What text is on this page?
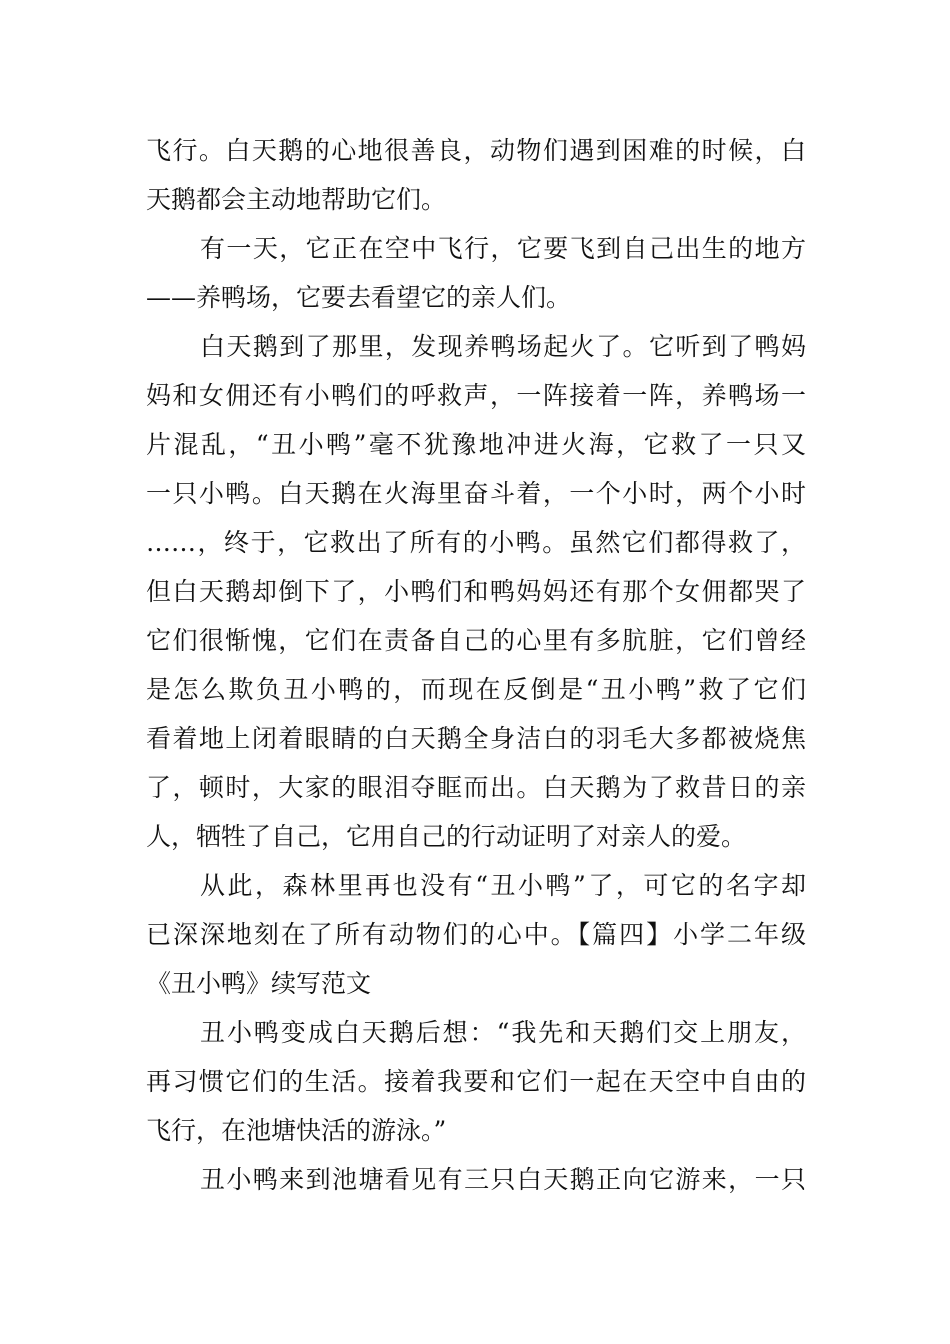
飞行。白天鹅的心地很善良，动物们遇到困难的时候，白
天鹅都会主动地帮助它们。
有一天，它正在空中飞行，它要飞到自己出生的地方
——养鸭场，它要去看望它的亲人们。
白天鹅到了那里，发现养鸭场起火了。它听到了鸭妈
妈和女佣还有小鸭们的呼救声，一阵接着一阵，养鸭场一
片混乱，“丑小鸭”毫不犹豫地冲进火海，它救了一只又
一只小鸭。白天鹅在火海里奋斗着，一个小时，两个小时
……，终于，它救出了所有的小鸭。虽然它们都得救了，
但白天鹅却倒下了，小鸭们和鸭妈妈还有那个女佣都哭了
它们很惭愧，它们在责备自己的心里有多肮脏，它们曾经
是怎么欺负丑小鸭的，而现在反倒是“丑小鸭”救了它们
看着地上闭着眼睛的白天鹅全身洁白的羽毛大多都被烧焦
了，顿时，大家的眼泪夺眶而出。白天鹅为了救昔日的亲
人，牺牲了自己，它用自己的行动证明了对亲人的爱。
从此，森林里再也没有“丑小鸭”了，可它的名字却
已深深地刻在了所有动物们的心中。【篇四】小学二年级
《丑小鸭》续写范文
丑小鸭变成白天鹅后想：“我先和天鹅们交上朋友，
再习惯它们的生活。接着我要和它们一起在天空中自由的
飞行，在池塘快活的游泳。”
丑小鸭来到池塘看见有三只白天鹅正向它游来，一只
